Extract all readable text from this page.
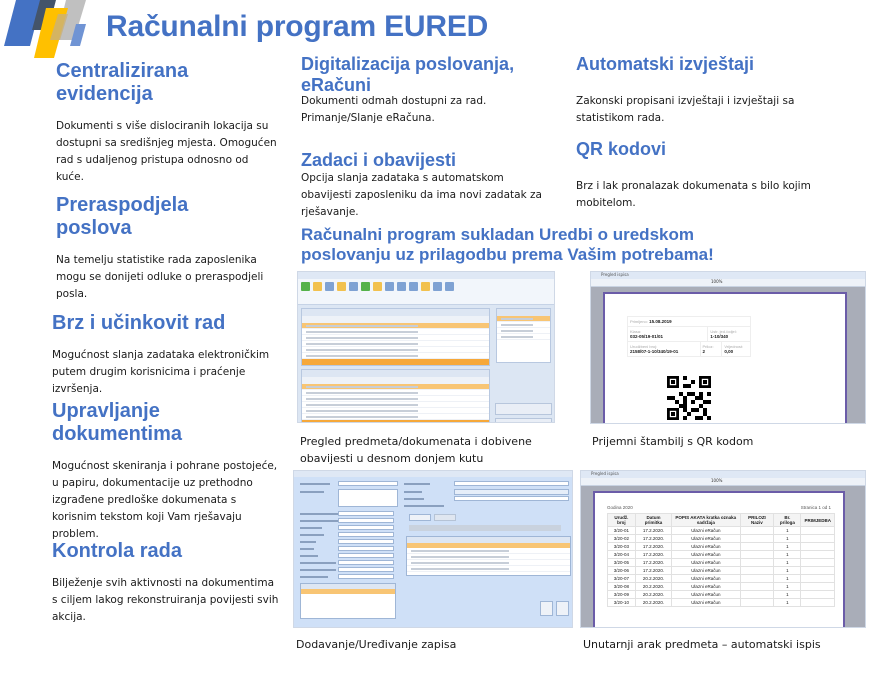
Računalni program EURED
Centralizirana evidencija
Dokumenti s više dislociranih lokacija su dostupni sa središnjeg mjesta. Omogućen rad s udaljenog pristupa odnosno od kuće.
Preraspodjela poslova
Na temelju statistike rada zaposlenika mogu se donijeti odluke o preraspodjeli posla.
Brz i učinkovit rad
Mogućnost slanja zadataka elektroničkim putem drugim korisnicima i praćenje izvršenja.
Upravljanje dokumentima
Mogućnost skeniranja i pohrane postojeće, u papiru, dokumentacije uz prethodno izgrađene predloške dokumenata s korisnim tekstom koji Vam rješavaju problem.
Kontrola rada
Bilježenje svih aktivnosti na dokumentima s ciljem lakog rekonstruiranja povijesti svih akcija.
Digitalizacija poslovanja, eRačuni
Dokumenti odmah dostupni za rad. Primanje/Slanje eRačuna.
Zadaci i obavijesti
Opcija slanja zadataka s automatskom obavijesti zaposleniku da ima novi zadatak za rješavanje.
Automatski izvještaji
Zakonski propisani izvještaji i izvještaji sa statistikom rada.
QR kodovi
Brz i lak pronalazak dokumenata s bilo kojim mobitelom.
Računalni program sukladan Uredbi o uredskom poslovanju uz prilagodbu prema Vašim potrebama!
Pregled predmeta/dokumenata i dobivene obavijesti u desnom donjem kutu
Pregled ispisa
100%
Primljeno: 15.08.2019
Klasa:
032-05/19-01/01
Ustr. jed./odjel:
1-10/340
Urudžbeni broj:
2158/07-1-10/340/19-01
Priloz:
2
Vrijednost:
0,00
Prijemni štambilj s QR kodom
Dodavanje/Uređivanje zapisa
Pregled ispisa
100%
Godina 2020	Stranica 1 od 1
Urudž. broj	Datum primitka	POPIS AKATA kratka oznaka sadržaja	PRILOZI Naziv	Br. priloga	PRIMJEDBA
3/20-01	17.2.2020.	Ulazni eRačun		1	
3/20-02	17.2.2020.	Ulazni eRačun		1	
3/20-03	17.2.2020.	Ulazni eRačun		1	
3/20-04	17.2.2020.	Ulazni eRačun		1	
3/20-05	17.2.2020.	Ulazni eRačun		1	
3/20-06	17.2.2020.	Ulazni eRačun		1	
3/20-07	20.2.2020.	Ulazni eRačun		1	
3/20-08	20.2.2020.	Ulazni eRačun		1	
3/20-09	20.2.2020.	Ulazni eRačun		1	
3/20-10	20.2.2020.	Ulazni eRačun		1	
Unutarnji arak predmeta – automatski ispis
